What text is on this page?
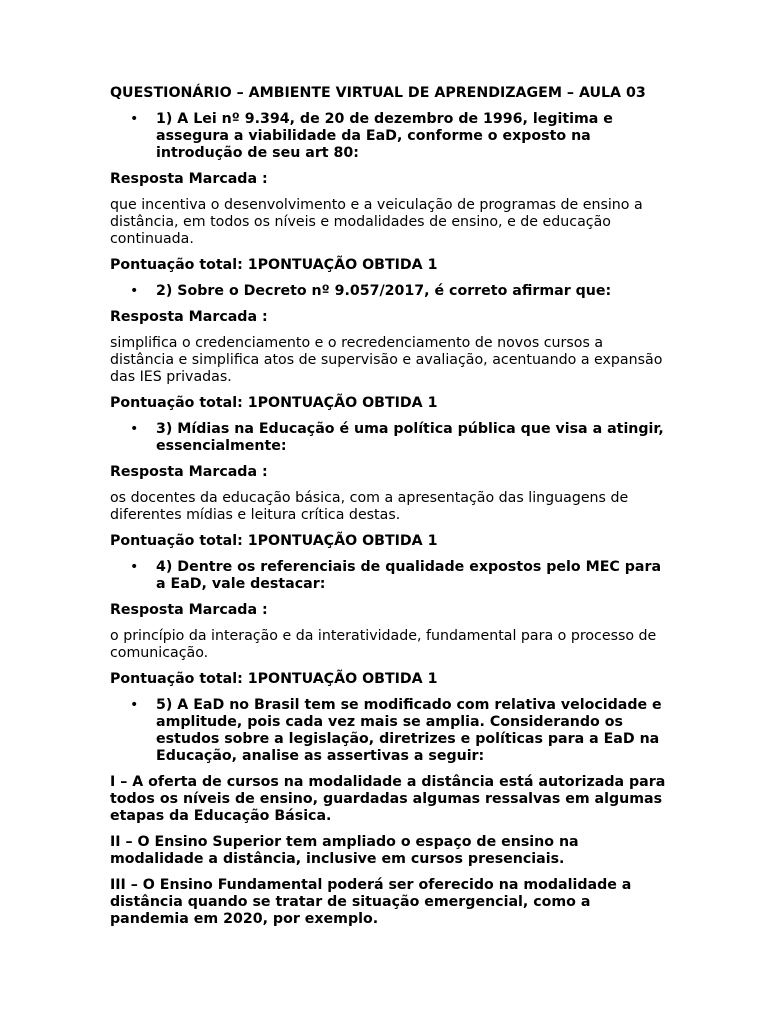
QUESTIONÁRIO – AMBIENTE VIRTUAL DE APRENDIZAGEM – AULA 03
• 1) A Lei nº 9.394, de 20 de dezembro de 1996, legitima e assegura a viabilidade da EaD, conforme o exposto na introdução de seu art 80:
Resposta Marcada :
que incentiva o desenvolvimento e a veiculação de programas de ensino a distância, em todos os níveis e modalidades de ensino, e de educação continuada.
Pontuação total: 1PONTUAÇÃO OBTIDA 1
• 2) Sobre o Decreto nº 9.057/2017, é correto afirmar que:
Resposta Marcada :
simplifica o credenciamento e o recredenciamento de novos cursos a distância e simplifica atos de supervisão e avaliação, acentuando a expansão das IES privadas.
Pontuação total: 1PONTUAÇÃO OBTIDA 1
• 3) Mídias na Educação é uma política pública que visa a atingir, essencialmente:
Resposta Marcada :
os docentes da educação básica, com a apresentação das linguagens de diferentes mídias e leitura crítica destas.
Pontuação total: 1PONTUAÇÃO OBTIDA 1
• 4) Dentre os referenciais de qualidade expostos pelo MEC para a EaD, vale destacar:
Resposta Marcada :
o princípio da interação e da interatividade, fundamental para o processo de comunicação.
Pontuação total: 1PONTUAÇÃO OBTIDA 1
• 5) A EaD no Brasil tem se modificado com relativa velocidade e amplitude, pois cada vez mais se amplia. Considerando os estudos sobre a legislação, diretrizes e políticas para a EaD na Educação, analise as assertivas a seguir:
I – A oferta de cursos na modalidade a distância está autorizada para todos os níveis de ensino, guardadas algumas ressalvas em algumas etapas da Educação Básica.
II – O Ensino Superior tem ampliado o espaço de ensino na modalidade a distância, inclusive em cursos presenciais.
III – O Ensino Fundamental poderá ser oferecido na modalidade a distância quando se tratar de situação emergencial, como a pandemia em 2020, por exemplo.
